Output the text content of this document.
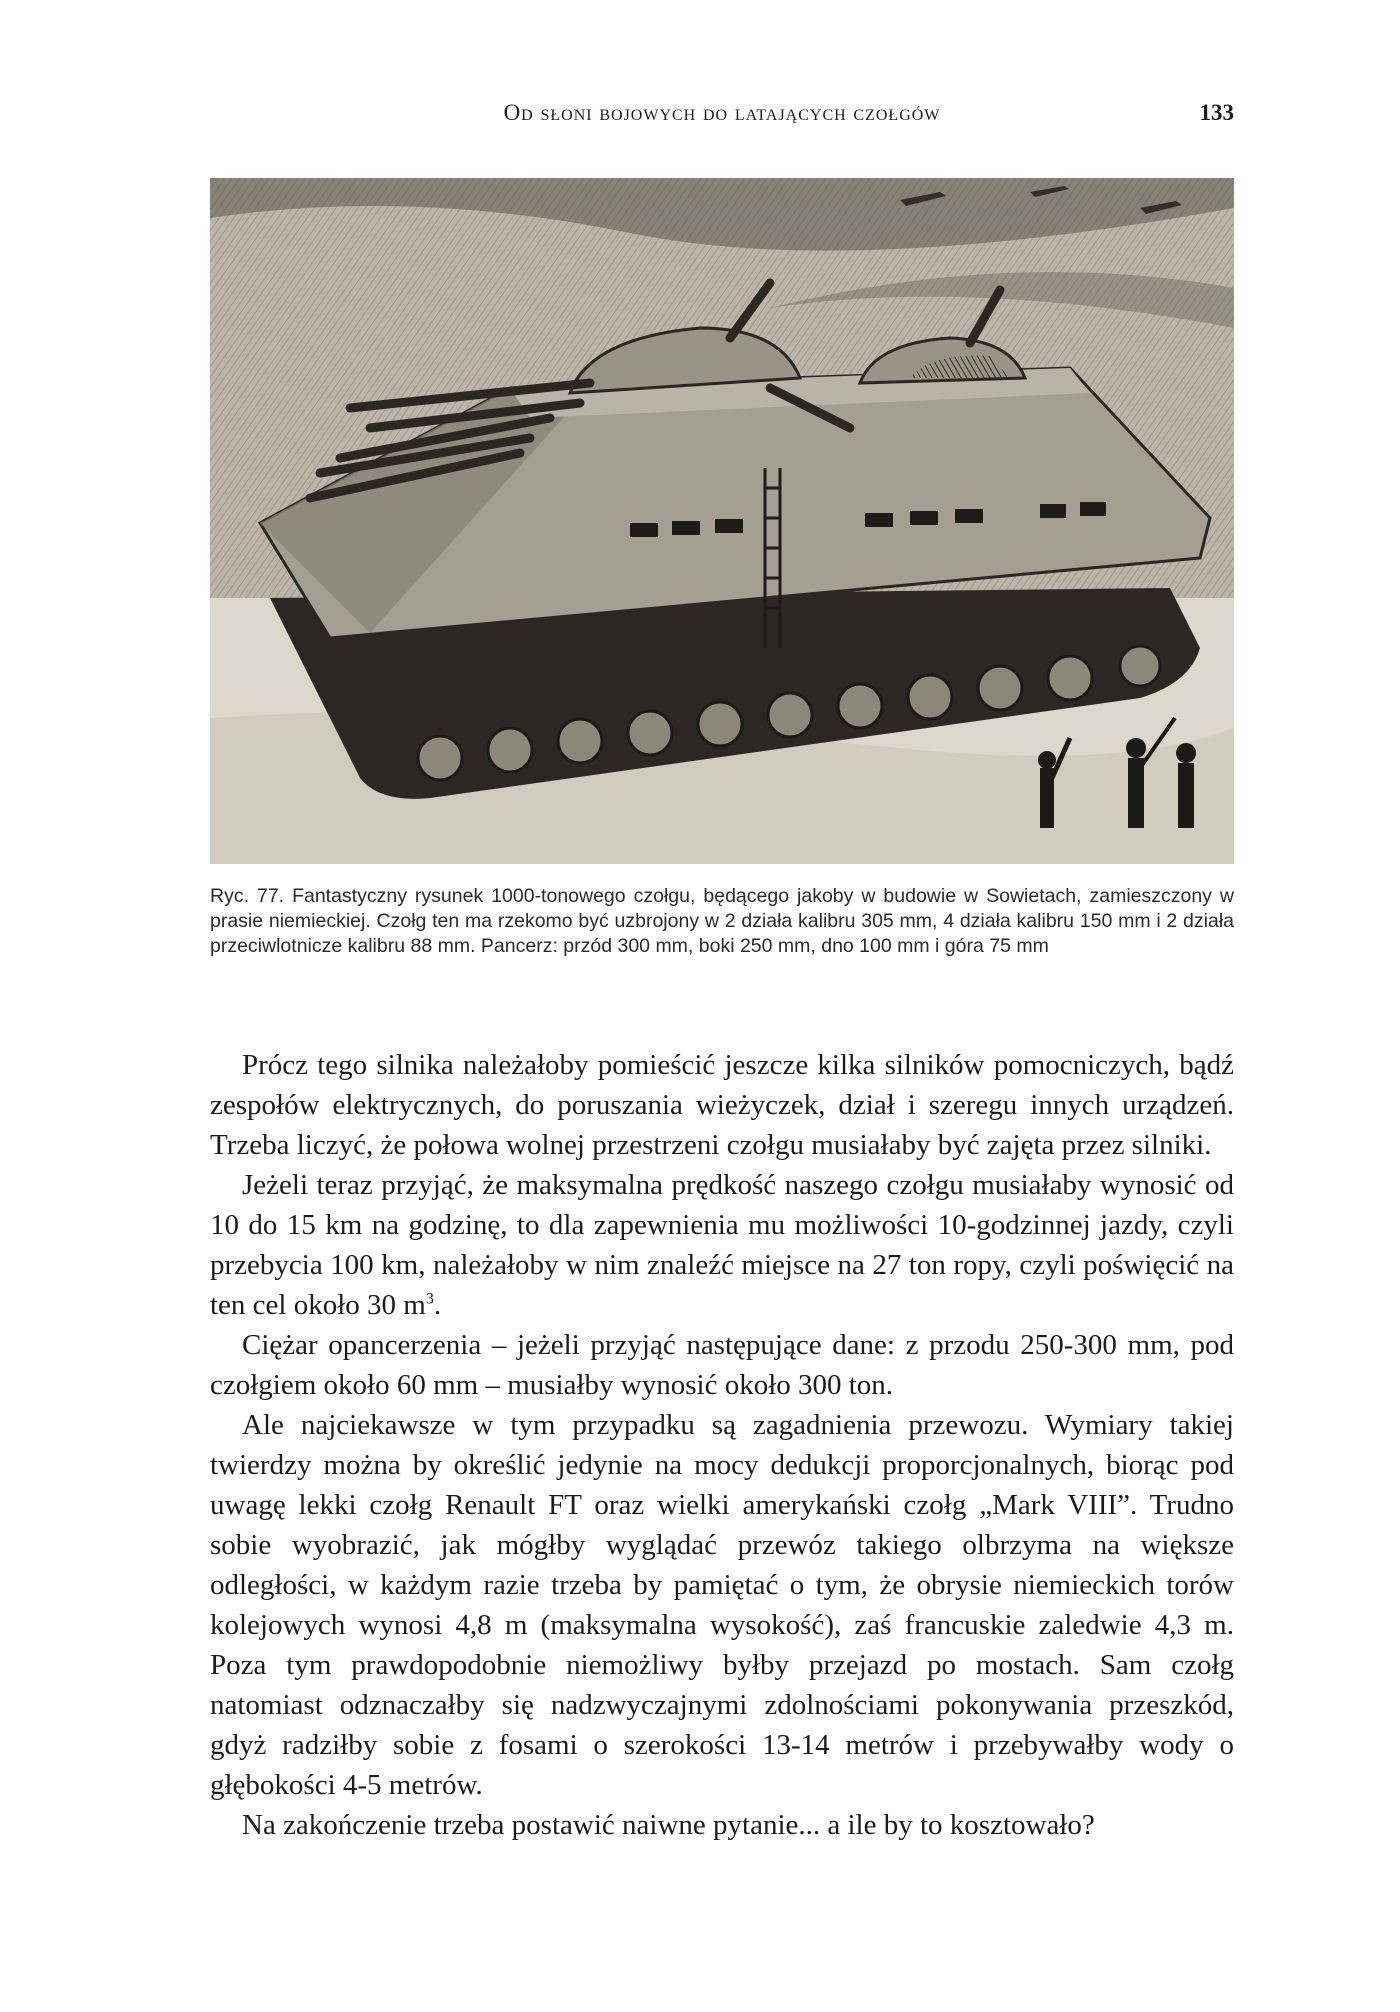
Od słoni bojowych do latających czołgów	133

Ryc. 77. Fantastyczny rysunek 1000-tonowego czołgu, będącego jakoby w budowie w Sowietach, zamieszczony w prasie niemieckiej. Czołg ten ma rzekomo być uzbrojony w 2 działa kalibru 305 mm, 4 działa kalibru 150 mm i 2 działa przeciwlotnicze kalibru 88 mm. Pancerz: przód 300 mm, boki 250 mm, dno 100 mm i góra 75 mm

Prócz tego silnika należałoby pomieścić jeszcze kilka silników pomocniczych, bądź zespołów elektrycznych, do poruszania wieżyczek, dział i szeregu innych urządzeń. Trzeba liczyć, że połowa wolnej przestrzeni czołgu musiałaby być zajęta przez silniki.

Jeżeli teraz przyjąć, że maksymalna prędkość naszego czołgu musiałaby wynosić od 10 do 15 km na godzinę, to dla zapewnienia mu możliwości 10-godzinnej jazdy, czyli przebycia 100 km, należałoby w nim znaleźć miejsce na 27 ton ropy, czyli poświęcić na ten cel około 30 $m^3$.

Ciężar opancerzenia – jeżeli przyjąć następujące dane: z przodu 250-300 mm, pod czołgiem około 60 mm – musiałby wynosić około 300 ton.

Ale najciekawsze w tym przypadku są zagadnienia przewozu. Wymiary takiej twierdzy można by określić jedynie na mocy dedukcji proporcjonalnych, biorąc pod uwagę lekki czołg Renault FT oraz wielki amerykański czołg „Mark VIII”. Trudno sobie wyobrazić, jak mógłby wyglądać przewóz takiego olbrzyma na większe odległości, w każdym razie trzeba by pamiętać o tym, że obrysie niemieckich torów kolejowych wynosi 4,8 m (maksymalna wysokość), zaś francuskie zaledwie 4,3 m. Poza tym prawdopodobnie niemożliwy byłby przejazd po mostach. Sam czołg natomiast odznaczałby się nadzwyczajnymi zdolnościami pokonywania przeszkód, gdyż radziłby sobie z fosami o szerokości 13-14 metrów i przebywałby wody o głębokości 4-5 metrów.

Na zakończenie trzeba postawić naiwne pytanie... a ile by to kosztowało?
